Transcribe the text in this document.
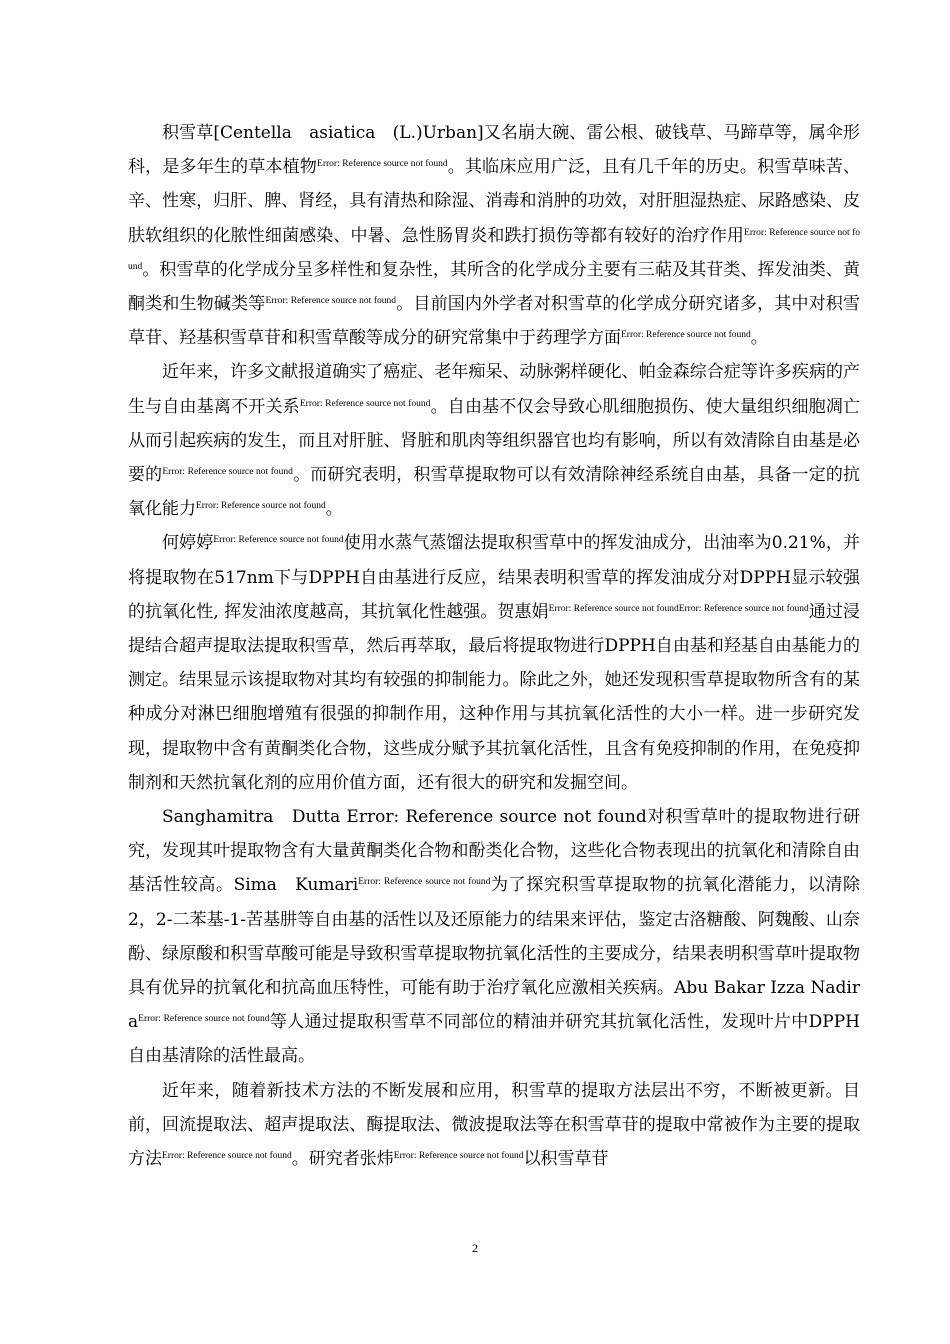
积雪草[Centella　asiatica　(L.)Urban]又名崩大碗、雷公根、破钱草、马蹄草等，属伞形科，是多年生的草本植物$^{Error: Reference source not found}$。其临床应用广泛，且有几千年的历史。积雪草味苦、辛、性寒，归肝、脾、肾经，具有清热和除湿、消毒和消肿的功效，对肝胆湿热症、尿路感染、皮肤软组织的化脓性细菌感染、中暑、急性肠胃炎和跌打损伤等都有较好的治疗作用$^{Error: Reference source not found}$。积雪草的化学成分呈多样性和复杂性，其所含的化学成分主要有三萜及其苷类、挥发油类、黄酮类和生物碱类等$^{Error: Reference source not found}$。目前国内外学者对积雪草的化学成分研究诸多，其中对积雪草苷、羟基积雪草苷和积雪草酸等成分的研究常集中于药理学方面$^{Error: Reference source not found}$。

近年来，许多文献报道确实了癌症、老年痴呆、动脉粥样硬化、帕金森综合症等许多疾病的产生与自由基离不开关系$^{Error: Reference source not found}$。自由基不仅会导致心肌细胞损伤、使大量组织细胞凋亡从而引起疾病的发生，而且对肝脏、肾脏和肌肉等组织器官也均有影响，所以有效清除自由基是必要的$^{Error: Reference source not found}$。而研究表明，积雪草提取物可以有效清除神经系统自由基，具备一定的抗氧化能力$^{Error: Reference source not found}$。

何婷婷$^{Error: Reference source not found}$使用水蒸气蒸馏法提取积雪草中的挥发油成分，出油率为0.21%，并将提取物在517nm下与DPPH自由基进行反应，结果表明积雪草的挥发油成分对DPPH显示较强的抗氧化性, 挥发油浓度越高，其抗氧化性越强。贺惠娟$^{Error: Reference source not foundError: Reference source not found}$通过浸提结合超声提取法提取积雪草，然后再萃取，最后将提取物进行DPPH自由基和羟基自由基能力的测定。结果显示该提取物对其均有较强的抑制能力。除此之外，她还发现积雪草提取物所含有的某种成分对淋巴细胞增殖有很强的抑制作用，这种作用与其抗氧化活性的大小一样。进一步研究发现，提取物中含有黄酮类化合物，这些成分赋予其抗氧化活性，且含有免疫抑制的作用，在免疫抑制剂和天然抗氧化剂的应用价值方面，还有很大的研究和发掘空间。

Sanghamitra　Dutta Error: Reference source not found对积雪草叶的提取物进行研究，发现其叶提取物含有大量黄酮类化合物和酚类化合物，这些化合物表现出的抗氧化和清除自由基活性较高。Sima　Kumari$^{Error: Reference source not found}$为了探究积雪草提取物的抗氧化潜能力，以清除2，2-二苯基-1-苦基肼等自由基的活性以及还原能力的结果来评估，鉴定古洛糖酸、阿魏酸、山奈酚、绿原酸和积雪草酸可能是导致积雪草提取物抗氧化活性的主要成分，结果表明积雪草叶提取物具有优异的抗氧化和抗高血压特性，可能有助于治疗氧化应激相关疾病。Abu Bakar Izza Nadira$^{Error: Reference source not found}$等人通过提取积雪草不同部位的精油并研究其抗氧化活性，发现叶片中DPPH自由基清除的活性最高。

近年来，随着新技术方法的不断发展和应用，积雪草的提取方法层出不穷，不断被更新。目前，回流提取法、超声提取法、酶提取法、微波提取法等在积雪草苷的提取中常被作为主要的提取方法$^{Error: Reference source not found}$。研究者张炜$^{Error: Reference source not found}$以积雪草苷

2
